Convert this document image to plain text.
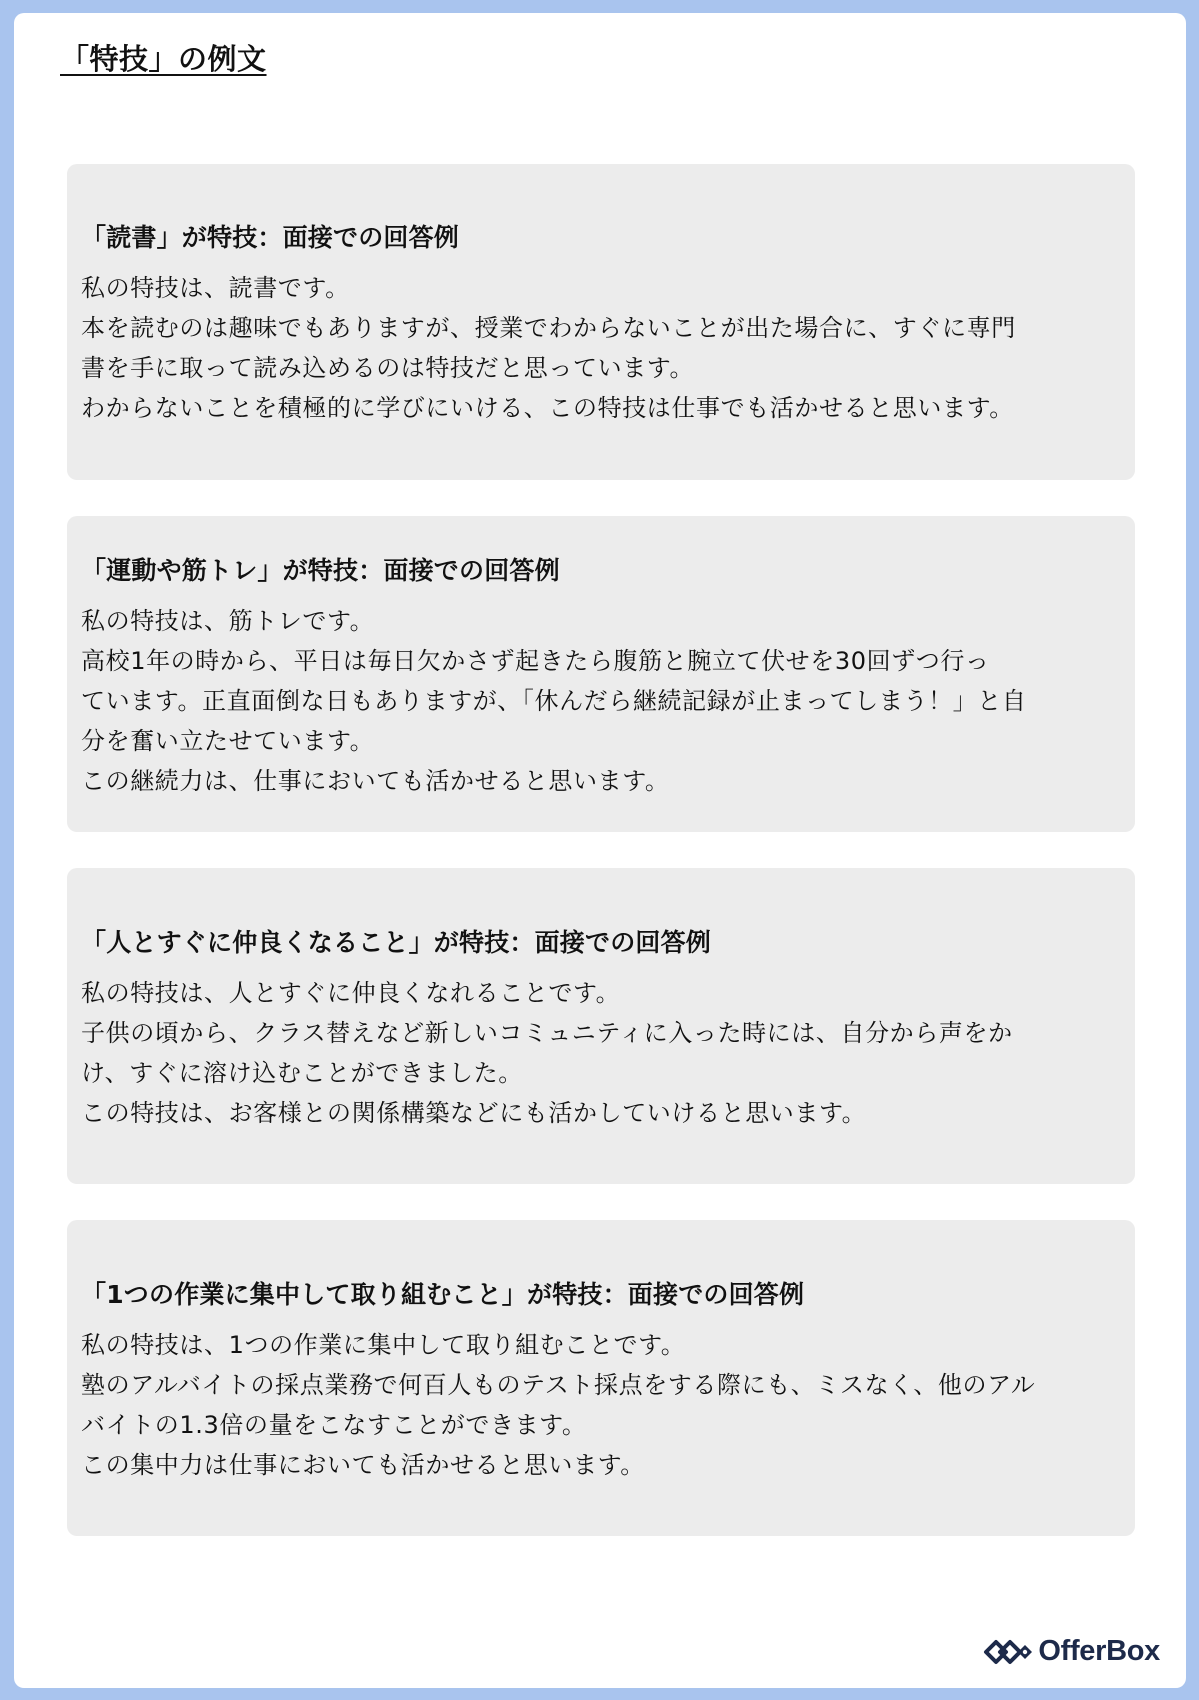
「特技」の例文
「読書」が特技：面接での回答例
私の特技は、読書です。
本を読むのは趣味でもありますが、授業でわからないことが出た場合に、すぐに専門
書を手に取って読み込めるのは特技だと思っています。
わからないことを積極的に学びにいける、この特技は仕事でも活かせると思います。
「運動や筋トレ」が特技：面接での回答例
私の特技は、筋トレです。
高校1年の時から、平日は毎日欠かさず起きたら腹筋と腕立て伏せを30回ずつ行っ
ています。正直面倒な日もありますが、「休んだら継続記録が止まってしまう！」と自
分を奮い立たせています。
この継続力は、仕事においても活かせると思います。
「人とすぐに仲良くなること」が特技：面接での回答例
私の特技は、人とすぐに仲良くなれることです。
子供の頃から、クラス替えなど新しいコミュニティに入った時には、自分から声をか
け、すぐに溶け込むことができました。
この特技は、お客様との関係構築などにも活かしていけると思います。
「1つの作業に集中して取り組むこと」が特技：面接での回答例
私の特技は、1つの作業に集中して取り組むことです。
塾のアルバイトの採点業務で何百人ものテスト採点をする際にも、ミスなく、他のアル
バイトの1.3倍の量をこなすことができます。
この集中力は仕事においても活かせると思います。
OfferBox
